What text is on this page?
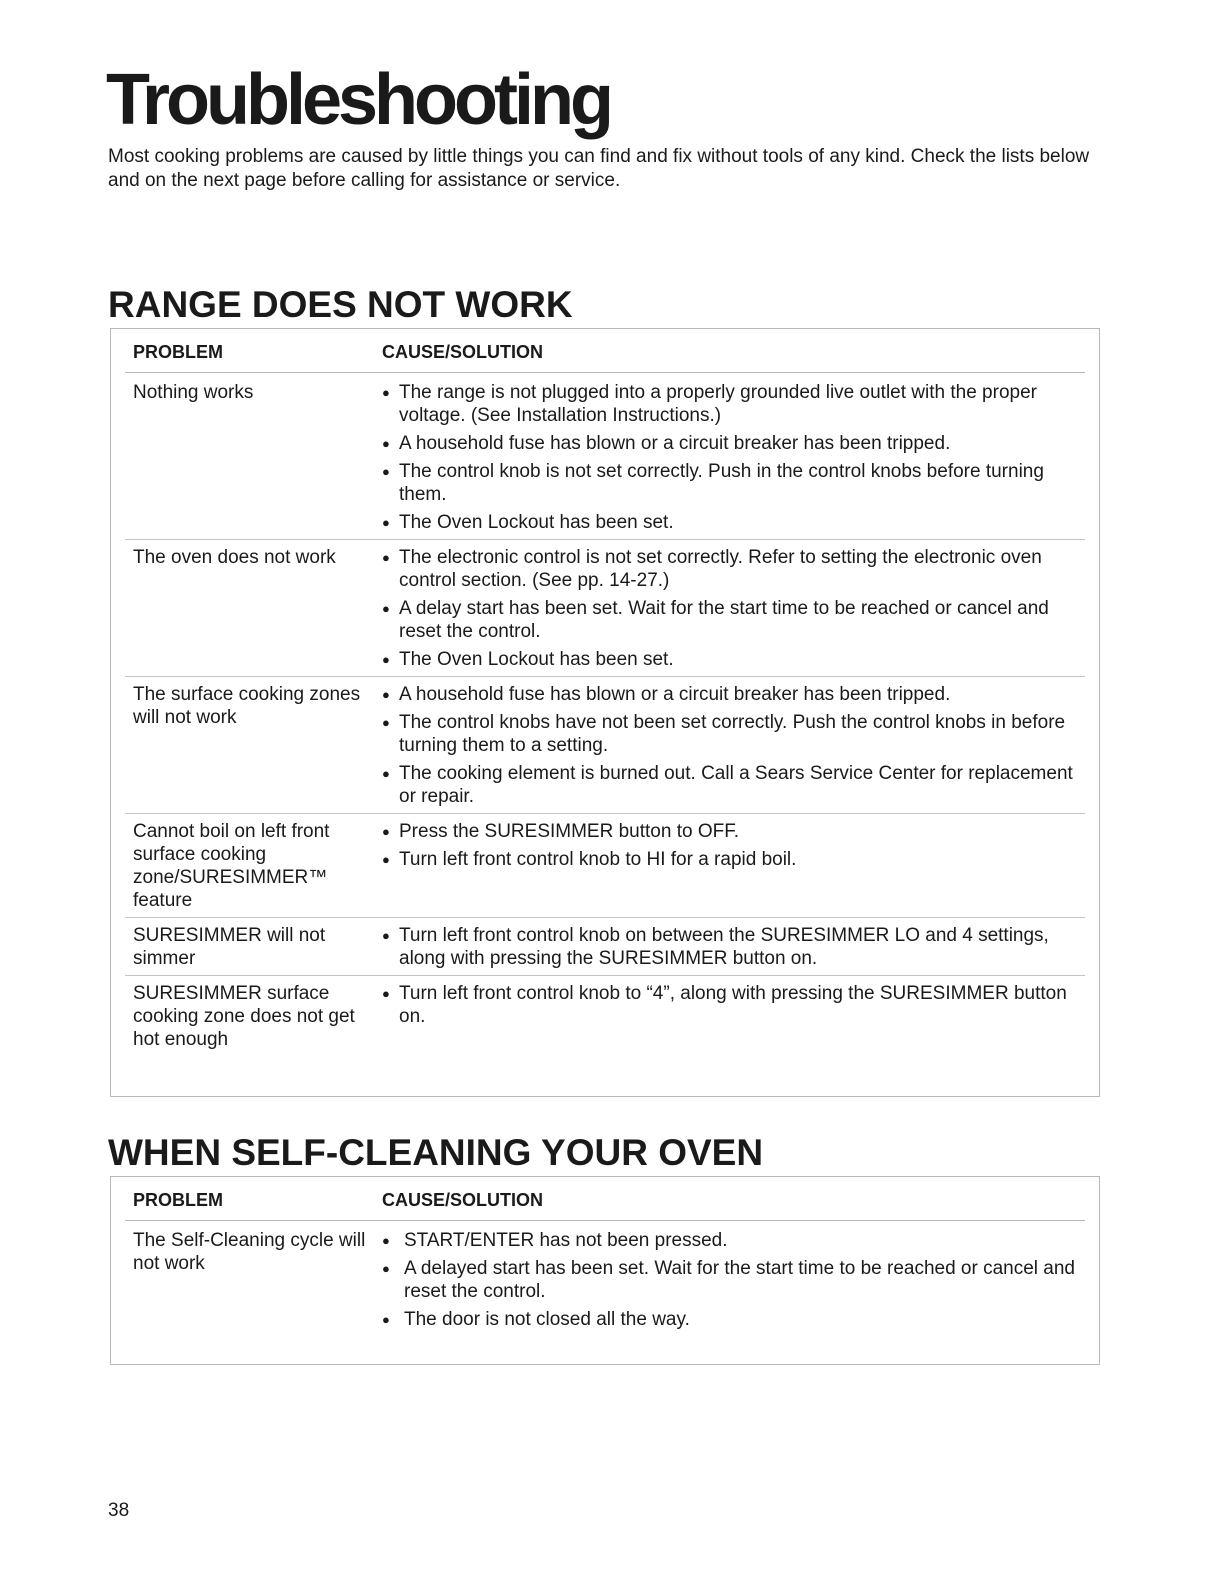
Troubleshooting

Most cooking problems are caused by little things you can find and fix without tools of any kind. Check the lists below and on the next page before calling for assistance or service.

RANGE DOES NOT WORK
PROBLEM	CAUSE/SOLUTION
Nothing works	● The range is not plugged into a properly grounded live outlet with the proper voltage. (See Installation Instructions.)
● A household fuse has blown or a circuit breaker has been tripped.
● The control knob is not set correctly. Push in the control knobs before turning them.
● The Oven Lockout has been set.
The oven does not work	● The electronic control is not set correctly. Refer to setting the electronic oven control section. (See pp. 14-27.)
● A delay start has been set. Wait for the start time to be reached or cancel and reset the control.
● The Oven Lockout has been set.
The surface cooking zones will not work
● A household fuse has blown or a circuit breaker has been tripped.
● The control knobs have not been set correctly. Push the control knobs in before turning them to a setting.
● The cooking element is burned out. Call a Sears Service Center for replacement or repair.
Cannot boil on left front surface cooking zone/SURESIMMER™ feature
● Press the SURESIMMER button to OFF.
● Turn left front control knob to HI for a rapid boil.
SURESIMMER will not simmer
● Turn left front control knob on between the SURESIMMER LO and 4 settings, along with pressing the SURESIMMER button on.
SURESIMMER surface cooking zone does not get hot enough
● Turn left front control knob to “4”, along with pressing the SURESIMMER button on.
WHEN SELF-CLEANING YOUR OVEN
PROBLEM	CAUSE/SOLUTION
The Self-Cleaning cycle will not work
● START/ENTER has not been pressed.
● A delayed start has been set. Wait for the start time to be reached or cancel and reset the control.
● The door is not closed all the way.

38
